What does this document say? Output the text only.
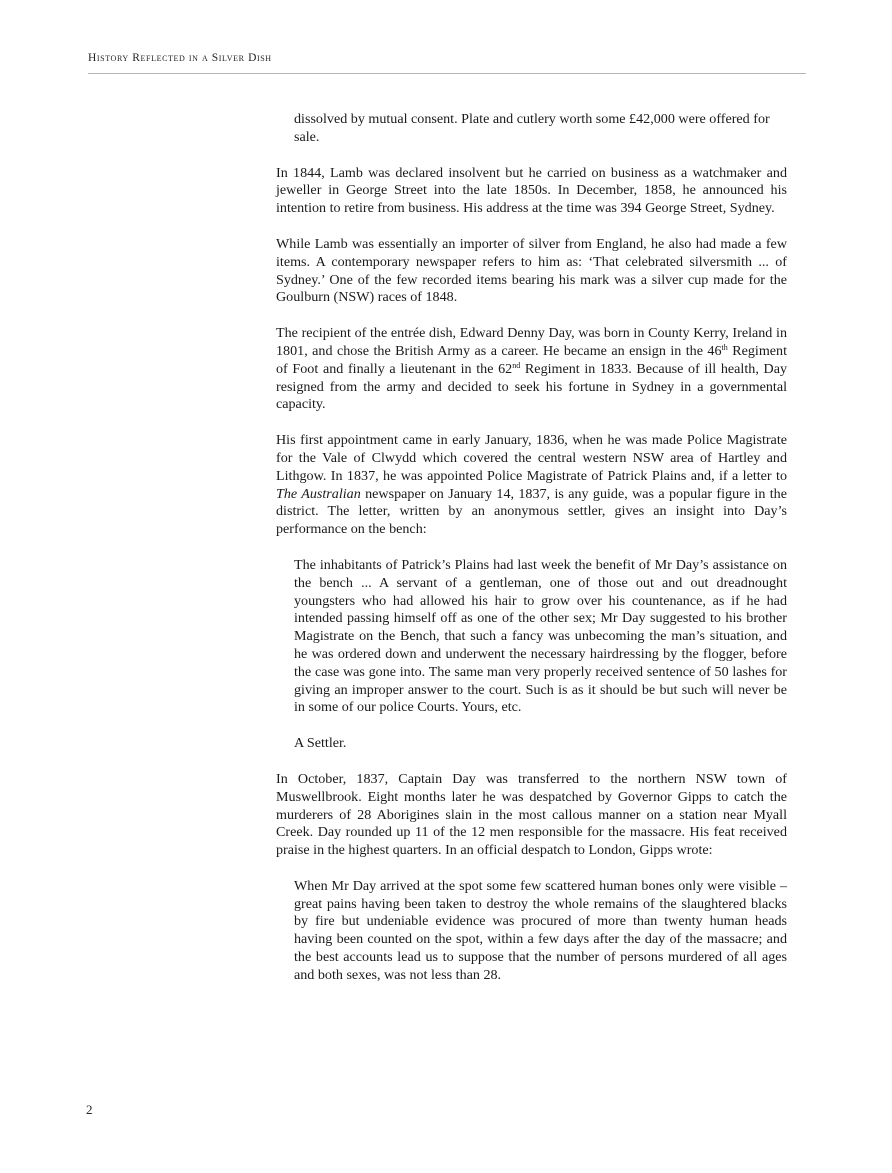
History Reflected in a Silver Dish

dissolved by mutual consent. Plate and cutlery worth some £42,000 were offered for sale.

In 1844, Lamb was declared insolvent but he carried on business as a watchmaker and jeweller in George Street into the late 1850s. In December, 1858, he announced his intention to retire from business. His address at the time was 394 George Street, Sydney.

While Lamb was essentially an importer of silver from England, he also had made a few items. A contemporary newspaper refers to him as: ‘That celebrated silversmith ... of Sydney.’ One of the few recorded items bearing his mark was a silver cup made for the Goulburn (NSW) races of 1848.

The recipient of the entrée dish, Edward Denny Day, was born in County Kerry, Ireland in 1801, and chose the British Army as a career. He became an ensign in the 46th Regiment of Foot and finally a lieutenant in the 62nd Regiment in 1833. Because of ill health, Day resigned from the army and decided to seek his fortune in Sydney in a governmental capacity.

His first appointment came in early January, 1836, when he was made Police Magistrate for the Vale of Clwydd which covered the central western NSW area of Hartley and Lithgow. In 1837, he was appointed Police Magistrate of Patrick Plains and, if a letter to The Australian newspaper on January 14, 1837, is any guide, was a popular figure in the district. The letter, written by an anonymous settler, gives an insight into Day’s performance on the bench:

The inhabitants of Patrick’s Plains had last week the benefit of Mr Day’s assistance on the bench ... A servant of a gentleman, one of those out and out dreadnought youngsters who had allowed his hair to grow over his countenance, as if he had intended passing himself off as one of the other sex; Mr Day suggested to his brother Magistrate on the Bench, that such a fancy was unbecoming the man’s situation, and he was ordered down and underwent the necessary hairdressing by the flogger, before the case was gone into. The same man very properly received sentence of 50 lashes for giving an improper answer to the court. Such is as it should be but such will never be in some of our police Courts. Yours, etc.

A Settler.

In October, 1837, Captain Day was transferred to the northern NSW town of Muswellbrook. Eight months later he was despatched by Governor Gipps to catch the murderers of 28 Aborigines slain in the most callous manner on a station near Myall Creek. Day rounded up 11 of the 12 men responsible for the massacre. His feat received praise in the highest quarters. In an official despatch to London, Gipps wrote:

When Mr Day arrived at the spot some few scattered human bones only were visible – great pains having been taken to destroy the whole remains of the slaughtered blacks by fire but undeniable evidence was procured of more than twenty human heads having been counted on the spot, within a few days after the day of the massacre; and the best accounts lead us to suppose that the number of persons murdered of all ages and both sexes, was not less than 28.

2
